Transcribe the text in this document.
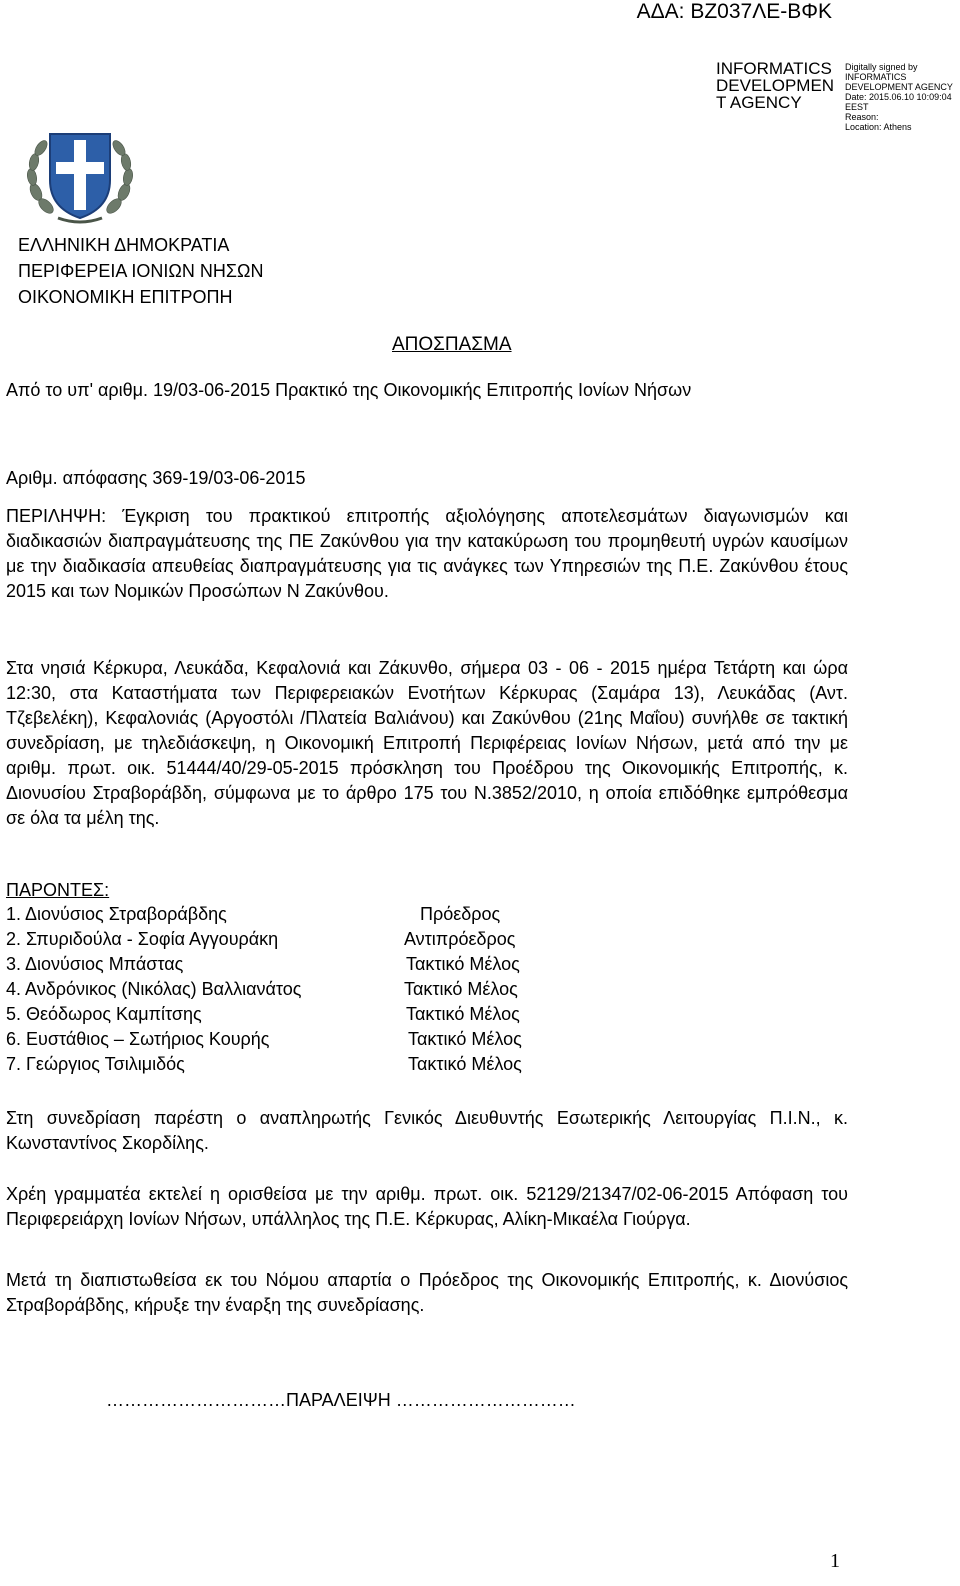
ΑΔΑ: ΒΖ037ΛΕ-ΒΦΚ
INFORMATICS
DEVELOPMEN
T AGENCY
Digitally signed by
INFORMATICS
DEVELOPMENT AGENCY
Date: 2015.06.10 10:09:04
EEST
Reason:
Location: Athens
ΕΛΛΗΝΙΚΗ ΔΗΜΟΚΡΑΤΙΑ
ΠΕΡΙΦΕΡΕΙΑ ΙΟΝΙΩΝ ΝΗΣΩΝ
ΟΙΚΟΝΟΜΙΚΗ ΕΠΙΤΡΟΠΗ
ΑΠΟΣΠΑΣΜΑ
Από το υπ' αριθμ. 19/03-06-2015 Πρακτικό της Οικονομικής Επιτροπής Ιονίων Νήσων
Αριθμ. απόφασης 369-19/03-06-2015
ΠΕΡΙΛΗΨΗ: Έγκριση του πρακτικού επιτροπής αξιολόγησης αποτελεσμάτων διαγωνισμών και διαδικασιών διαπραγμάτευσης της ΠΕ Ζακύνθου για την κατακύρωση του προμηθευτή υγρών καυσίμων με την διαδικασία απευθείας διαπραγμάτευσης για τις ανάγκες των Υπηρεσιών της Π.Ε. Ζακύνθου έτους 2015 και των Νομικών Προσώπων Ν Ζακύνθου.
Στα νησιά Κέρκυρα, Λευκάδα, Κεφαλονιά και Ζάκυνθο, σήμερα 03 - 06 - 2015 ημέρα Τετάρτη και ώρα 12:30, στα Καταστήματα των Περιφερειακών Ενοτήτων Κέρκυρας (Σαμάρα 13), Λευκάδας (Αντ. Τζεβελέκη), Κεφαλονιάς (Αργοστόλι /Πλατεία Βαλιάνου) και Ζακύνθου (21ης Μαΐου) συνήλθε σε τακτική συνεδρίαση, με τηλεδιάσκεψη, η Οικονομική Επιτροπή Περιφέρειας Ιονίων Νήσων, μετά από την με αριθμ. πρωτ. οικ. 51444/40/29-05-2015 πρόσκληση του Προέδρου της Οικονομικής Επιτροπής, κ. Διονυσίου Στραβοράβδη, σύμφωνα με το άρθρο 175 του Ν.3852/2010, η οποία επιδόθηκε εμπρόθεσμα σε όλα τα μέλη της.
ΠΑΡΟΝΤΕΣ:
1. Διονύσιος Στραβοράβδης	Πρόεδρος
2. Σπυριδούλα - Σοφία Αγγουράκη	Αντιπρόεδρος
3. Διονύσιος Μπάστας	Τακτικό Μέλος
4. Ανδρόνικος (Νικόλας) Βαλλιανάτος	Τακτικό Μέλος
5. Θεόδωρος Καμπίτσης	Τακτικό Μέλος
6. Ευστάθιος – Σωτήριος Κουρής	Τακτικό Μέλος
7. Γεώργιος Τσιλιμιδός	Τακτικό Μέλος
Στη συνεδρίαση παρέστη ο αναπληρωτής Γενικός Διευθυντής Εσωτερικής Λειτουργίας Π.Ι.Ν., κ. Κωνσταντίνος Σκορδίλης.
Χρέη γραμματέα εκτελεί η ορισθείσα με την αριθμ. πρωτ. οικ. 52129/21347/02-06-2015 Απόφαση του Περιφερειάρχη Ιονίων Νήσων, υπάλληλος της Π.Ε. Κέρκυρας, Αλίκη-Μικαέλα Γιούργα.
Μετά τη διαπιστωθείσα εκ του Νόμου απαρτία ο Πρόεδρος της Οικονομικής Επιτροπής, κ. Διονύσιος Στραβοράβδης, κήρυξε την έναρξη της συνεδρίασης.
…………………………ΠΑΡΑΛΕΙΨΗ …………………………
1
